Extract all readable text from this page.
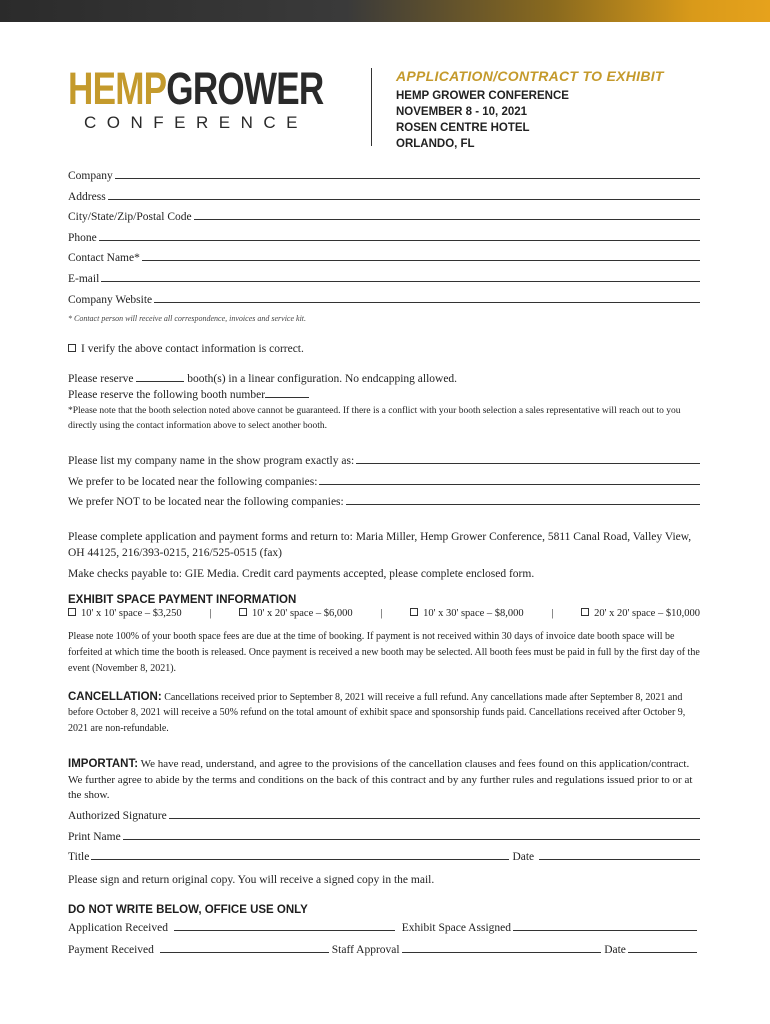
HEMPGROWER
CONFERENCE
APPLICATION/CONTRACT TO EXHIBIT
HEMP GROWER CONFERENCE
NOVEMBER 8 - 10, 2021
ROSEN CENTRE HOTEL
ORLANDO, FL
Company
Address
City/State/Zip/Postal Code
Phone
Contact Name*
E-mail
Company Website
* Contact person will receive all correspondence, invoices and service kit.
I verify the above contact information is correct.
Please reserve	booth(s) in a linear configuration. No endcapping allowed.
Please reserve the following booth number
*Please note that the booth selection noted above cannot be guaranteed. If there is a conflict with your booth selection a sales representative will reach out to you directly using the contact information above to select another booth.
Please list my company name in the show program exactly as:
We prefer to be located near the following companies:
We prefer NOT to be located near the following companies:
Please complete application and payment forms and return to: Maria Miller, Hemp Grower Conference, 5811 Canal Road, Valley View, OH 44125, 216/393-0215, 216/525-0515 (fax)
Make checks payable to: GIE Media. Credit card payments accepted, please complete enclosed form.
EXHIBIT SPACE PAYMENT INFORMATION
10' x 10' space – $3,250	|	10' x 20' space – $6,000	|	10' x 30' space – $8,000	|	20' x 20' space – $10,000
Please note 100% of your booth space fees are due at the time of booking. If payment is not received within 30 days of invoice date booth space will be forfeited at which time the booth is released. Once payment is received a new booth may be selected. All booth fees must be paid in full by the first day of the event (November 8, 2021).
CANCELLATION: Cancellations received prior to September 8, 2021 will receive a full refund. Any cancellations made after September 8, 2021 and before October 8, 2021 will receive a 50% refund on the total amount of exhibit space and sponsorship funds paid. Cancellations received after October 9, 2021 are non-refundable.
IMPORTANT: We have read, understand, and agree to the provisions of the cancellation clauses and fees found on this application/contract. We further agree to abide by the terms and conditions on the back of this contract and by any further rules and regulations issued prior to or at the show.
Authorized Signature
Print Name
Title	Date
Please sign and return original copy. You will receive a signed copy in the mail.
DO NOT WRITE BELOW, OFFICE USE ONLY
Application Received	Exhibit Space Assigned
Payment Received	Staff Approval	Date
